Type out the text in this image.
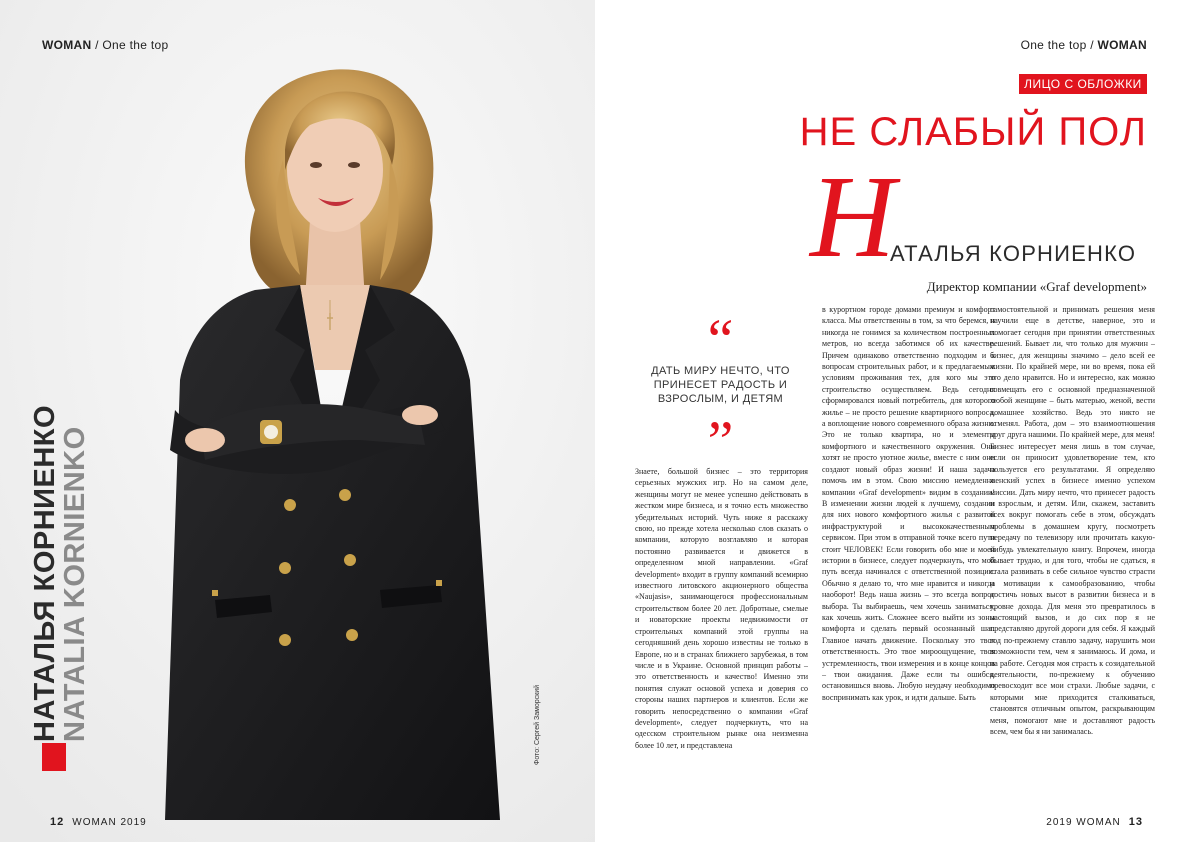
WOMAN / One the top
НАТАЛЬЯ КОРНИЕНКО
NATALIA KORNIENKO	Фото: Сергей Заморский
12 WOMAN 2019
One the top / WOMAN
ЛИЦО С ОБЛОЖКИ
НЕ СЛАБЫЙ ПОЛ
Н
АТАЛЬЯ КОРНИЕНКО
Директор компании «Graf development»
“
ДАТЬ МИРУ НЕЧТО, ЧТО ПРИНЕСЕТ РАДОСТЬ И ВЗРОСЛЫМ, И ДЕТЯМ
”

Знаете, большой бизнес – это территория серьезных мужских игр. Но на самом деле, женщины могут не менее успешно действовать в жестком мире бизнеса, и я точно есть множество убедительных историй. Чуть ниже я расскажу свою, но прежде хотела несколько слов сказать о компании, которую возглавляю и которая постоянно развивается и движется в определенном мной направлении. «Graf development» входит в группу компаний всемирно известного литовского акционерного общества «Naujasis», занимающегося профессиональным строительством более 20 лет. Добротные, смелые и новаторские проекты недвижимости от строительных компаний этой группы на сегодняшний день хорошо известны не только в Европе, но и в странах ближнего зарубежья, в том числе и в Украине. Основной принцип работы – это ответственность и качество! Именно эти понятия служат основой успеха и доверия со стороны наших партнеров и клиентов. Если же говорить непосредственно о компании «Graf development», следует подчеркнуть, что на одесском строительном рынке она неизменна более 10 лет, и представлена

в курортном городе домами премиум и комфорт класса. Мы ответственны в том, за что беремся, и никогда не гонимся за количеством построенных метров, но всегда заботимся об их качестве. Причем одинаково ответственно подходим и к вопросам строительных работ, и к предлагаемым условиям проживания тех, для кого мы это строительство осуществляем. Ведь сегодня сформировался новый потребитель, для которого жилье – не просто решение квартирного вопроса, а воплощение нового современного образа жизни. Это не только квартира, но и элементы комфортного и качественного окружения. Они хотят не просто уютное жилье, вместе с ним они создают новый образ жизни! И наша задача помочь им в этом. Свою миссию немедленно компании «Graf development» видим в создании! В изменении жизни людей к лучшему, создании для них нового комфортного жилья с развитой инфраструктурой и высококачественным сервисом. При этом в отправной точке всего пути стоит ЧЕЛОВЕК! Если говорить обо мне и моей истории в бизнесе, следует подчеркнуть, что мой путь всегда начинался с ответственной позиции. Обычно я делаю то, что мне нравится и никогда наоборот! Ведь наша жизнь – это всегда вопрос выбора. Ты выбираешь, чем хочешь заниматься, как хочешь жить. Сложнее всего выйти из зоны комфорта и сделать первый осознанный шаг. Главное начать движение. Поскольку это твоя ответственность. Это твое мироощущение, твоя устремленность, твои измерения и в конце концов – твои ожидания. Даже если ты ошибся, остановишься вновь. Любую неудачу необходимо воспринимать как урок, и идти дальше. Быть

самостоятельной и принимать решения меня научили еще в детстве, наверное, это и помогает сегодня при принятии ответственных решений. Бывает ли, что только для мужчин – бизнес, для женщины значимо – дело всей ее жизни. По крайней мере, ни во время, пока ей это дело нравится. Но и интересно, как можно совмещать его с основной предназначенной любой женщине – быть матерью, женой, вести домашнее хозяйство. Ведь это никто не отменял. Работа, дом – это взаимоотношения друг друга нашими. По крайней мере, для меня! Бизнес интересует меня лишь в том случае, если он приносит удовлетворение тем, кто пользуется его результатами. Я определяю женский успех в бизнесе именно успехом миссии. Дать миру нечто, что принесет радость и взрослым, и детям. Или, скажем, заставить всех вокруг помогать себе в этом, обсуждать проблемы в домашнем кругу, посмотреть передачу по телевизору или прочитать какую-нибудь увлекательную книгу. Впрочем, иногда бывает трудно, и для того, чтобы не сдаться, я стала развивать в себе сильное чувство страсти и мотивации к самообразованию, чтобы достичь новых высот в развитии бизнеса и в уровне дохода. Для меня это превратилось в настоящий вызов, и до сих пор я не представляю другой дороги для себя. Я каждый год по-прежнему ставлю задачу, нарушить мои возможности тем, чем я занимаюсь. И дома, и на работе. Сегодня моя страсть к созидательной деятельности, по-прежнему к обучению превосходит все мои страхи. Любые задачи, с которыми мне приходится сталкиваться, становятся отличным опытом, раскрывающим меня, помогают мне и доставляют радость всем, чем бы я ни занималась.

2019 WOMAN 13
